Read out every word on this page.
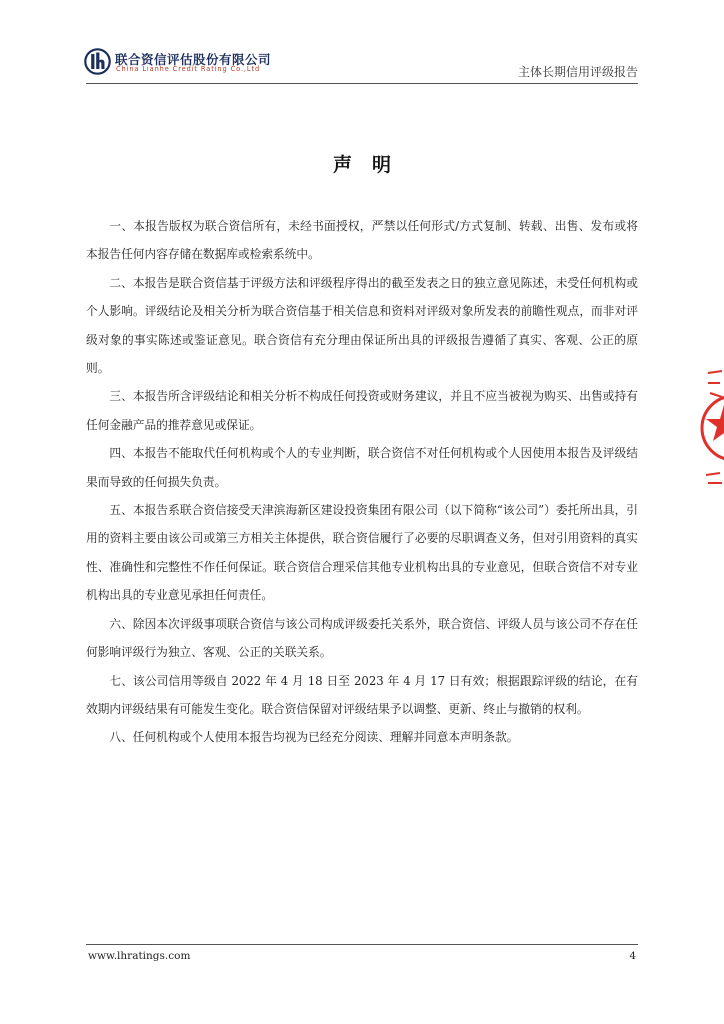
联合资信评估股份有限公司
China Lianhe Credit Rating Co.,Ltd	主体长期信用评级报告
声明

一、本报告版权为联合资信所有，未经书面授权，严禁以任何形式/方式复制、转载、出售、发布或将本报告任何内容存储在数据库或检索系统中。

二、本报告是联合资信基于评级方法和评级程序得出的截至发表之日的独立意见陈述，未受任何机构或个人影响。评级结论及相关分析为联合资信基于相关信息和资料对评级对象所发表的前瞻性观点，而非对评级对象的事实陈述或鉴证意见。联合资信有充分理由保证所出具的评级报告遵循了真实、客观、公正的原则。

三、本报告所含评级结论和相关分析不构成任何投资或财务建议，并且不应当被视为购买、出售或持有任何金融产品的推荐意见或保证。

四、本报告不能取代任何机构或个人的专业判断，联合资信不对任何机构或个人因使用本报告及评级结果而导致的任何损失负责。

五、本报告系联合资信接受天津滨海新区建设投资集团有限公司（以下简称“该公司”）委托所出具，引用的资料主要由该公司或第三方相关主体提供，联合资信履行了必要的尽职调查义务，但对引用资料的真实性、准确性和完整性不作任何保证。联合资信合理采信其他专业机构出具的专业意见，但联合资信不对专业机构出具的专业意见承担任何责任。

六、除因本次评级事项联合资信与该公司构成评级委托关系外，联合资信、评级人员与该公司不存在任何影响评级行为独立、客观、公正的关联关系。

七、该公司信用等级自 2022 年 4 月 18 日至 2023 年 4 月 17 日有效；根据跟踪评级的结论，在有效期内评级结果有可能发生变化。联合资信保留对评级结果予以调整、更新、终止与撤销的权利。

八、任何机构或个人使用本报告均视为已经充分阅读、理解并同意本声明条款。

www.lhratings.com	4
